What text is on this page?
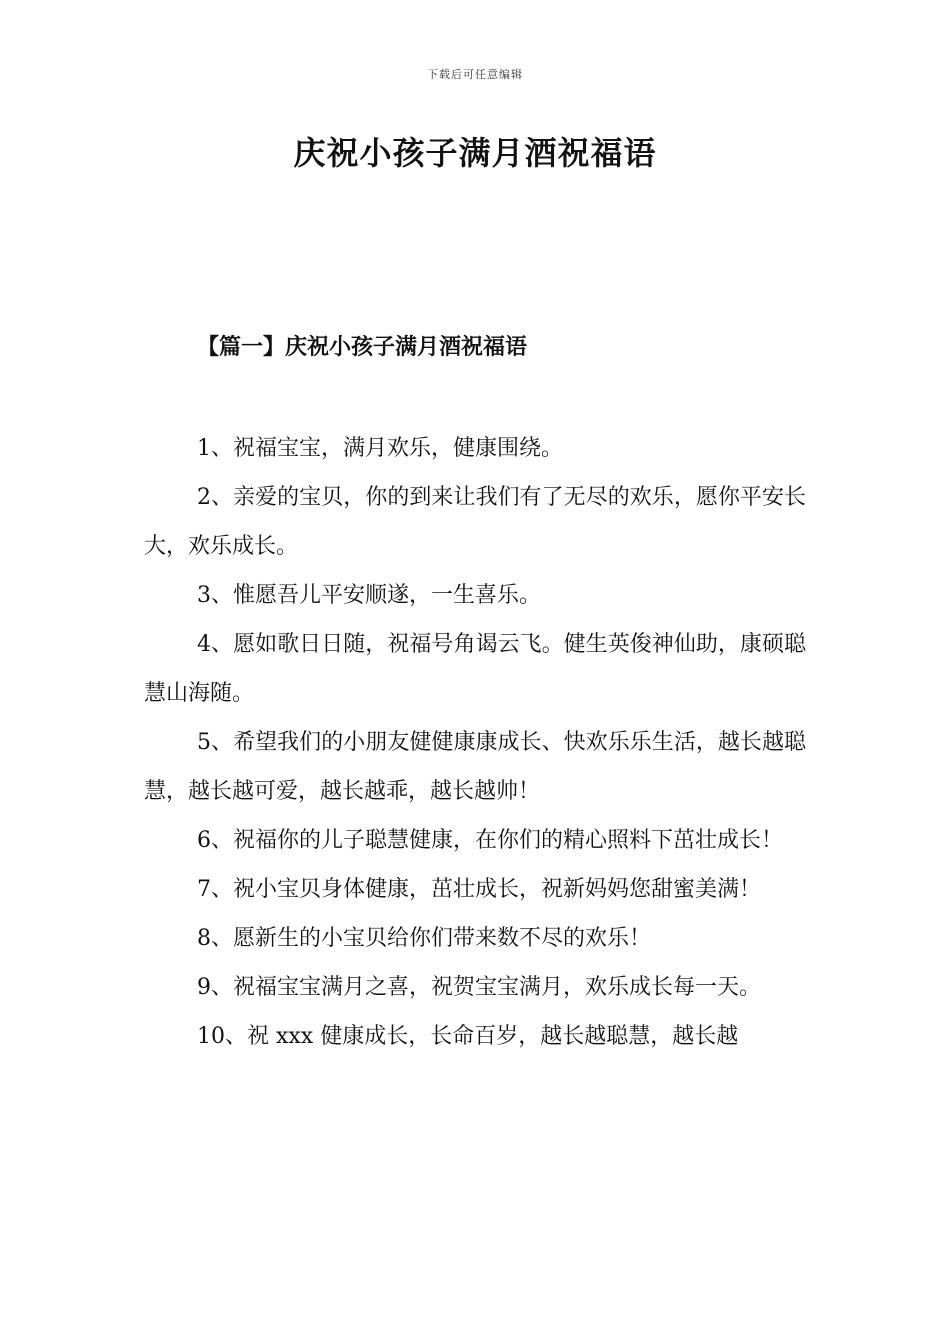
下载后可任意编辑
庆祝小孩子满月酒祝福语
【篇一】庆祝小孩子满月酒祝福语

1、祝福宝宝，满月欢乐，健康围绕。

2、亲爱的宝贝，你的到来让我们有了无尽的欢乐，愿你平安长大，欢乐成长。

3、惟愿吾儿平安顺遂，一生喜乐。

4、愿如歌日日随，祝福号角谒云飞。健生英俊神仙助，康硕聪慧山海随。

5、希望我们的小朋友健健康康成长、快欢乐乐生活，越长越聪慧，越长越可爱，越长越乖，越长越帅！

6、祝福你的儿子聪慧健康，在你们的精心照料下茁壮成长！

7、祝小宝贝身体健康，茁壮成长，祝新妈妈您甜蜜美满！

8、愿新生的小宝贝给你们带来数不尽的欢乐！

9、祝福宝宝满月之喜，祝贺宝宝满月，欢乐成长每一天。

10、祝 xxx 健康成长，长命百岁，越长越聪慧，越长越
